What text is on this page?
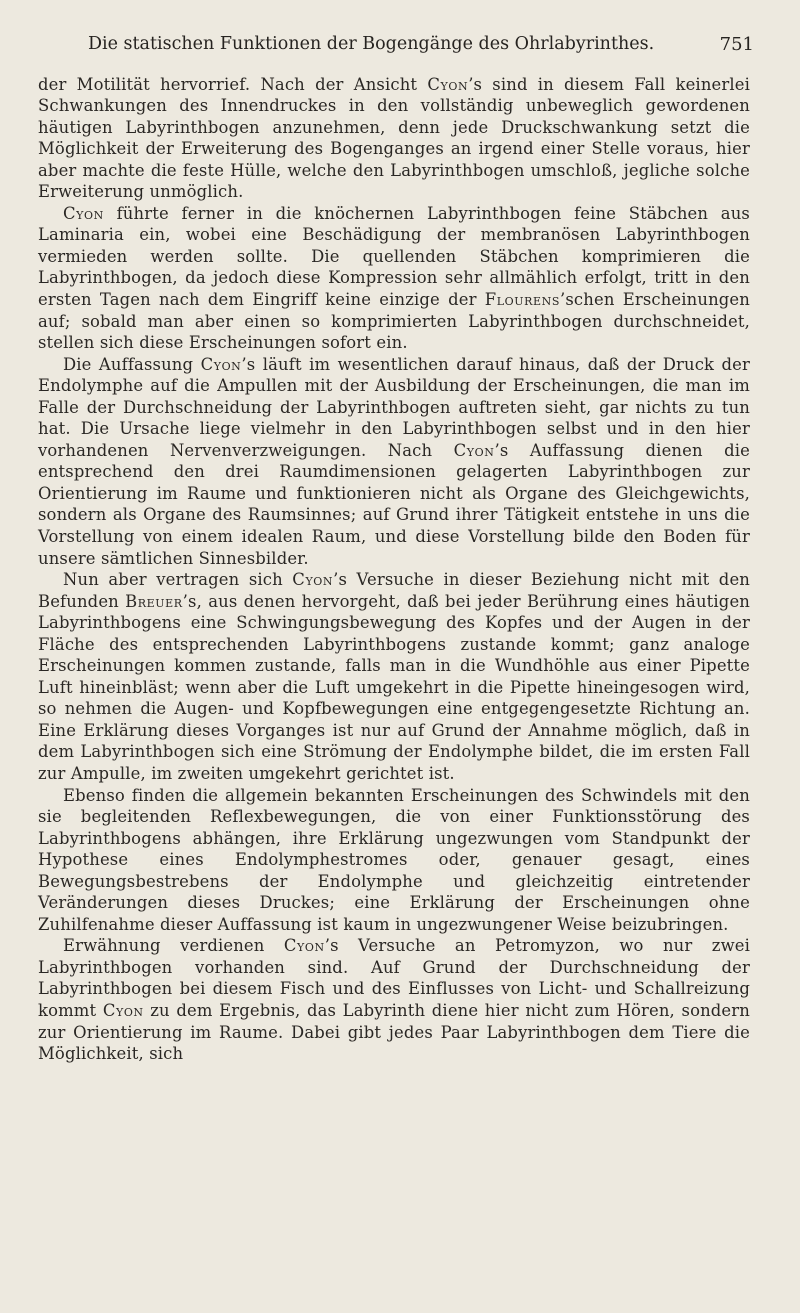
Die statischen Funktionen der Bogengänge des Ohrlabyrinthes.	751

der Motilität hervorrief. Nach der Ansicht Cyon’s sind in diesem Fall keinerlei Schwankungen des Innendruckes in den vollständig unbeweglich gewordenen häutigen Labyrinthbogen anzunehmen, denn jede Druckschwankung setzt die Möglichkeit der Erweiterung des Bogenganges an irgend einer Stelle voraus, hier aber machte die feste Hülle, welche den Labyrinthbogen umschloß, jegliche solche Erweiterung unmöglich.

Cyon führte ferner in die knöchernen Labyrinthbogen feine Stäbchen aus Laminaria ein, wobei eine Beschädigung der membranösen Labyrinthbogen vermieden werden sollte. Die quellenden Stäbchen komprimieren die Labyrinthbogen, da jedoch diese Kompression sehr allmählich erfolgt, tritt in den ersten Tagen nach dem Eingriff keine einzige der Flourens’schen Erscheinungen auf; sobald man aber einen so komprimierten Labyrinthbogen durchschneidet, stellen sich diese Erscheinungen sofort ein.

Die Auffassung Cyon’s läuft im wesentlichen darauf hinaus, daß der Druck der Endolymphe auf die Ampullen mit der Ausbildung der Erscheinungen, die man im Falle der Durchschneidung der Labyrinthbogen auftreten sieht, gar nichts zu tun hat. Die Ursache liege vielmehr in den Labyrinthbogen selbst und in den hier vorhandenen Nervenverzweigungen. Nach Cyon’s Auffassung dienen die entsprechend den drei Raumdimensionen gelagerten Labyrinthbogen zur Orientierung im Raume und funktionieren nicht als Organe des Gleichgewichts, sondern als Organe des Raumsinnes; auf Grund ihrer Tätigkeit entstehe in uns die Vorstellung von einem idealen Raum, und diese Vorstellung bilde den Boden für unsere sämtlichen Sinnesbilder.

Nun aber vertragen sich Cyon’s Versuche in dieser Beziehung nicht mit den Befunden Breuer’s, aus denen hervorgeht, daß bei jeder Berührung eines häutigen Labyrinthbogens eine Schwingungsbewegung des Kopfes und der Augen in der Fläche des entsprechenden Labyrinthbogens zustande kommt; ganz analoge Erscheinungen kommen zustande, falls man in die Wundhöhle aus einer Pipette Luft hineinbläst; wenn aber die Luft umgekehrt in die Pipette hineingesogen wird, so nehmen die Augen- und Kopfbewegungen eine entgegengesetzte Richtung an. Eine Erklärung dieses Vorganges ist nur auf Grund der Annahme möglich, daß in dem Labyrinthbogen sich eine Strömung der Endolymphe bildet, die im ersten Fall zur Ampulle, im zweiten umgekehrt gerichtet ist.

Ebenso finden die allgemein bekannten Erscheinungen des Schwindels mit den sie begleitenden Reflexbewegungen, die von einer Funktionsstörung des Labyrinthbogens abhängen, ihre Erklärung ungezwungen vom Standpunkt der Hypothese eines Endolymphestromes oder, genauer gesagt, eines Bewegungsbestrebens der Endolymphe und gleichzeitig eintretender Veränderungen dieses Druckes; eine Erklärung der Erscheinungen ohne Zuhilfenahme dieser Auffassung ist kaum in ungezwungener Weise beizubringen.

Erwähnung verdienen Cyon’s Versuche an Petromyzon, wo nur zwei Labyrinthbogen vorhanden sind. Auf Grund der Durchschneidung der Labyrinthbogen bei diesem Fisch und des Einflusses von Licht- und Schallreizung kommt Cyon zu dem Ergebnis, das Labyrinth diene hier nicht zum Hören, sondern zur Orientierung im Raume. Dabei gibt jedes Paar Labyrinthbogen dem Tiere die Möglichkeit, sich
